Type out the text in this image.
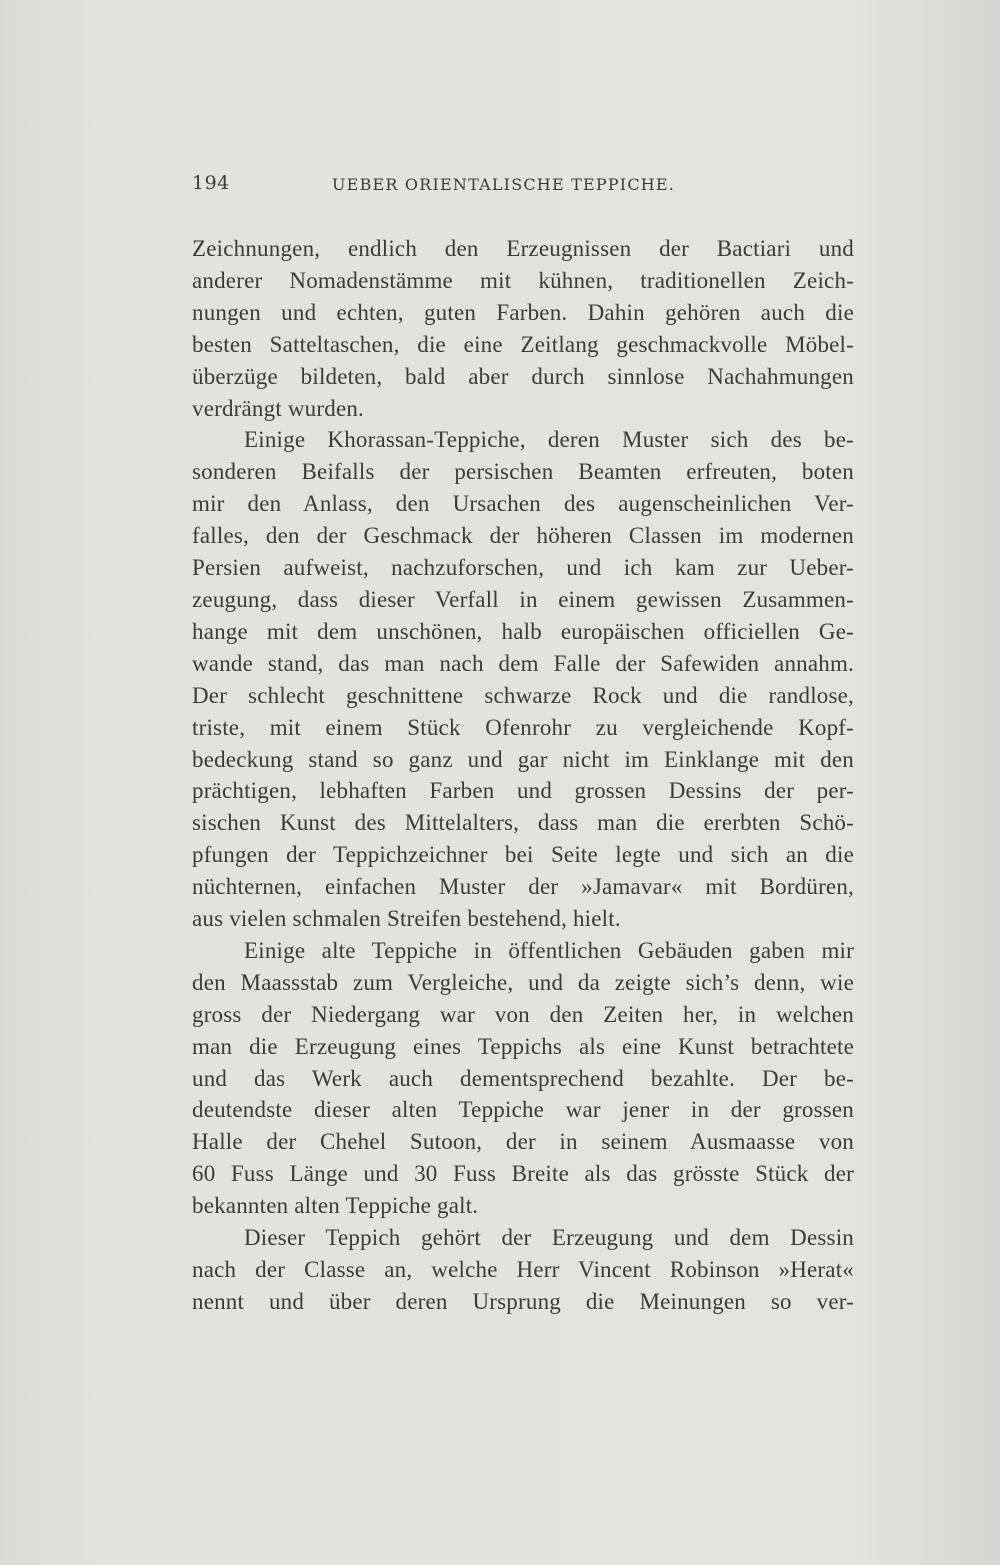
194	UEBER ORIENTALISCHE TEPPICHE.

Zeichnungen, endlich den Erzeugnissen der Bactiari und
anderer Nomadenstämme mit kühnen, traditionellen Zeich-
nungen und echten, guten Farben. Dahin gehören auch die
besten Satteltaschen, die eine Zeitlang geschmackvolle Möbel-
überzüge bildeten, bald aber durch sinnlose Nachahmungen
verdrängt wurden.

Einige Khorassan-Teppiche, deren Muster sich des be-
sonderen Beifalls der persischen Beamten erfreuten, boten
mir den Anlass, den Ursachen des augenscheinlichen Ver-
falles, den der Geschmack der höheren Classen im modernen
Persien aufweist, nachzuforschen, und ich kam zur Ueber-
zeugung, dass dieser Verfall in einem gewissen Zusammen-
hange mit dem unschönen, halb europäischen officiellen Ge-
wande stand, das man nach dem Falle der Safewiden annahm.
Der schlecht geschnittene schwarze Rock und die randlose,
triste, mit einem Stück Ofenrohr zu vergleichende Kopf-
bedeckung stand so ganz und gar nicht im Einklange mit den
prächtigen, lebhaften Farben und grossen Dessins der per-
sischen Kunst des Mittelalters, dass man die ererbten Schö-
pfungen der Teppichzeichner bei Seite legte und sich an die
nüchternen, einfachen Muster der »Jamavar« mit Bordüren,
aus vielen schmalen Streifen bestehend, hielt.

Einige alte Teppiche in öffentlichen Gebäuden gaben mir
den Maassstab zum Vergleiche, und da zeigte sich’s denn, wie
gross der Niedergang war von den Zeiten her, in welchen
man die Erzeugung eines Teppichs als eine Kunst betrachtete
und das Werk auch dementsprechend bezahlte. Der be-
deutendste dieser alten Teppiche war jener in der grossen
Halle der Chehel Sutoon, der in seinem Ausmaasse von
60 Fuss Länge und 30 Fuss Breite als das grösste Stück der
bekannten alten Teppiche galt.

Dieser Teppich gehört der Erzeugung und dem Dessin
nach der Classe an, welche Herr Vincent Robinson »Herat«
nennt und über deren Ursprung die Meinungen so ver-
